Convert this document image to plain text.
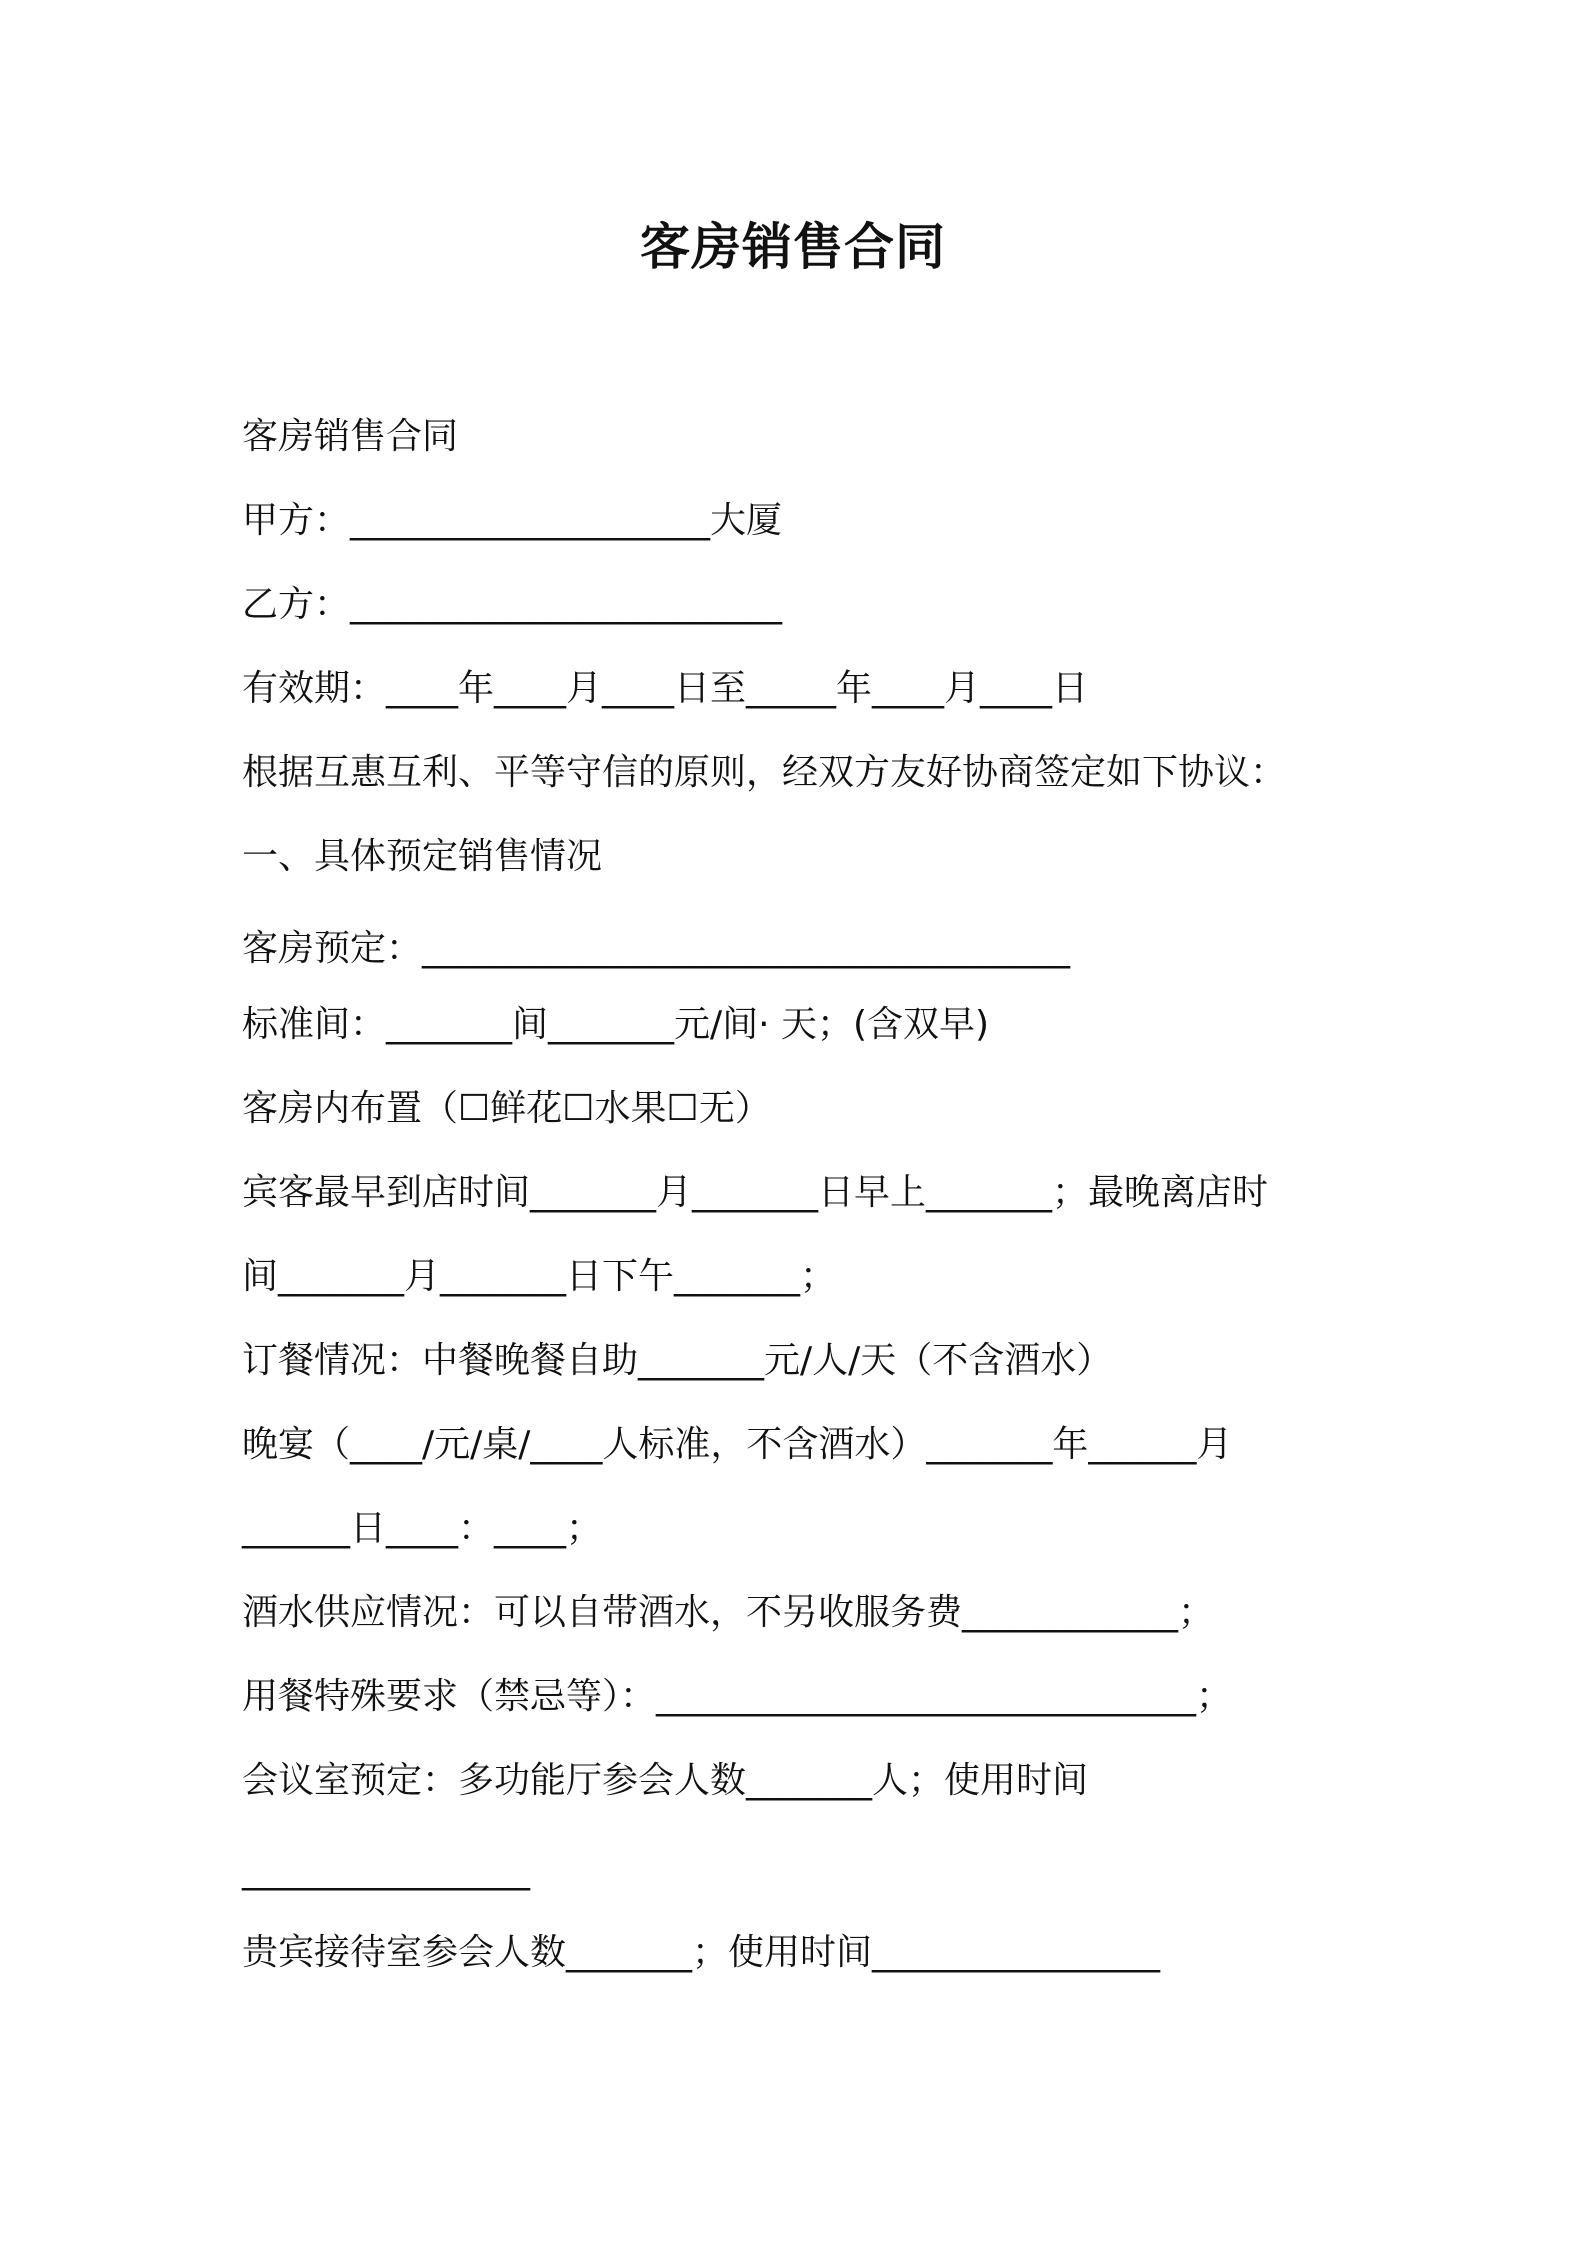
客房销售合同
客房销售合同
甲方：____________________大厦
乙方：________________________
有效期：____年____月____日至_____年____月____日
根据互惠互利、平等守信的原则，经双方友好协商签定如下协议：
一、具体预定销售情况
客房预定：____________________________________
标准间：_______间_______元/间· 天；(含双早)
客房内布置（☐鲜花☐水果☐无）
宾客最早到店时间_______月_______日早上_______；最晚离店时
间_______月_______日下午_______；
订餐情况：中餐晚餐自助_______元/人/天（不含酒水）
晚宴（____/元/桌/____人标准，不含酒水）_______年______月
______日____：____；
酒水供应情况：可以自带酒水，不另收服务费____________；
用餐特殊要求（禁忌等）：______________________________；
会议室预定：多功能厅参会人数_______人；使用时间
________________
贵宾接待室参会人数_______；使用时间________________
